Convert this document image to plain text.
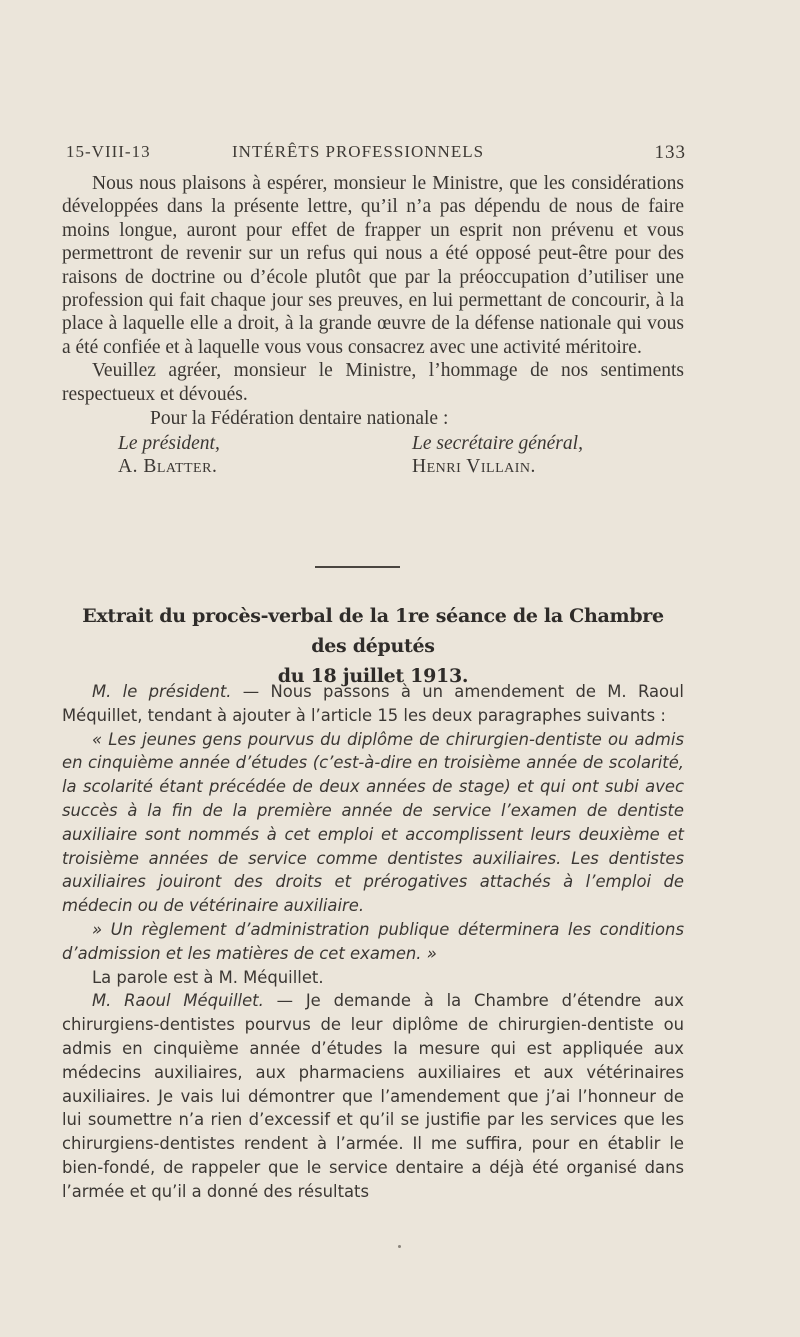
15-VIII-13	INTÉRÊTS PROFESSIONNELS	133

Nous nous plaisons à espérer, monsieur le Ministre, que les considérations développées dans la présente lettre, qu’il n’a pas dépendu de nous de faire moins longue, auront pour effet de frapper un esprit non prévenu et vous permettront de revenir sur un refus qui nous a été opposé peut-être pour des raisons de doctrine ou d’école plutôt que par la préoccupation d’utiliser une profession qui fait chaque jour ses preuves, en lui permettant de concourir, à la place à laquelle elle a droit, à la grande œuvre de la défense nationale qui vous a été confiée et à laquelle vous vous consacrez avec une activité méritoire.

Veuillez agréer, monsieur le Ministre, l’hommage de nos sentiments respectueux et dévoués.

Pour la Fédération dentaire nationale :
Le président,
A. Blatter.
Le secrétaire général,
Henri Villain.
Extrait du procès-verbal de la 1re séance de la Chambre des députés
du 18 juillet 1913.

M. le président. — Nous passons à un amendement de M. Raoul Méquillet, tendant à ajouter à l’article 15 les deux paragraphes suivants :

« Les jeunes gens pourvus du diplôme de chirurgien-dentiste ou admis en cinquième année d’études (c’est-à-dire en troisième année de scolarité, la scolarité étant précédée de deux années de stage) et qui ont subi avec succès à la fin de la première année de service l’examen de dentiste auxiliaire sont nommés à cet emploi et accomplissent leurs deuxième et troisième années de service comme dentistes auxiliaires. Les dentistes auxiliaires jouiront des droits et prérogatives attachés à l’emploi de médecin ou de vétérinaire auxiliaire.

» Un règlement d’administration publique déterminera les conditions d’admission et les matières de cet examen. »

La parole est à M. Méquillet.

M. Raoul Méquillet. — Je demande à la Chambre d’étendre aux chirurgiens-dentistes pourvus de leur diplôme de chirurgien-dentiste ou admis en cinquième année d’études la mesure qui est appliquée aux médecins auxiliaires, aux pharmaciens auxiliaires et aux vétérinaires auxiliaires. Je vais lui démontrer que l’amendement que j’ai l’honneur de lui soumettre n’a rien d’excessif et qu’il se justifie par les services que les chirurgiens-dentistes rendent à l’armée. Il me suffira, pour en établir le bien-fondé, de rappeler que le service dentaire a déjà été organisé dans l’armée et qu’il a donné des résultats
